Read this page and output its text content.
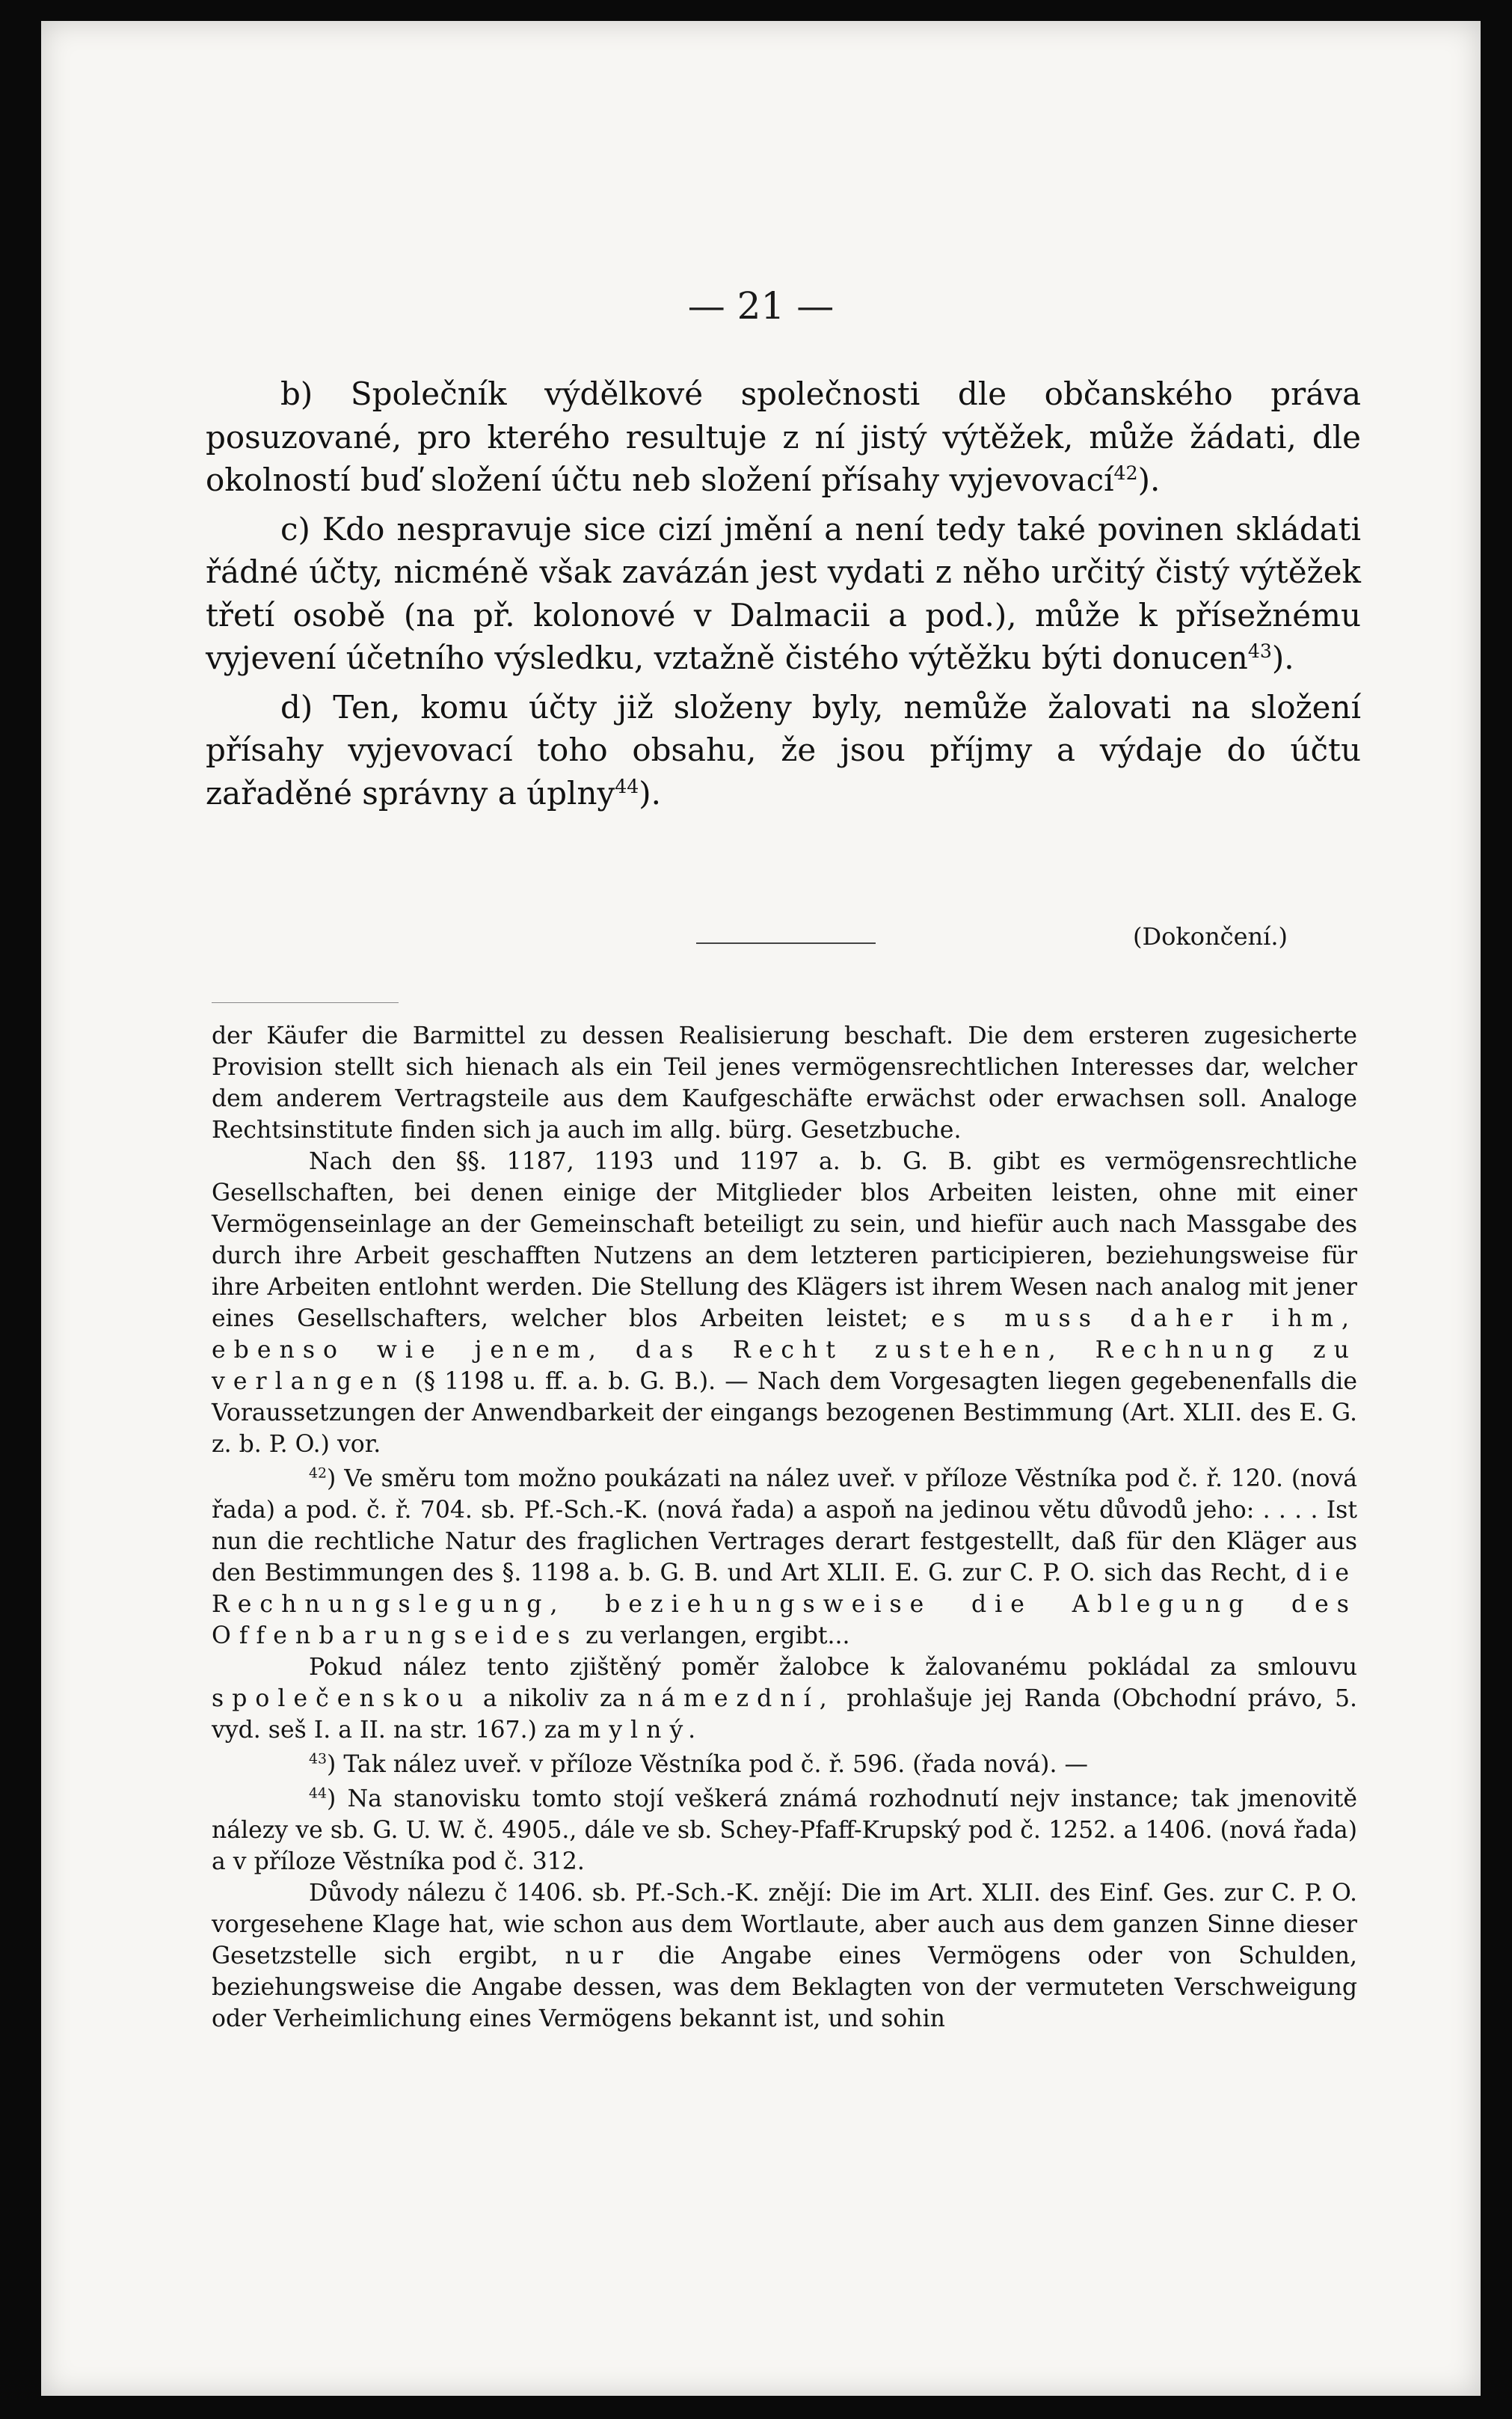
— 21 —

b) Společník výdělkové společnosti dle občanského práva posuzované, pro kterého resultuje z ní jistý výtěžek, může žádati, dle okolností buď složení účtu neb složení přísahy vyjevovací$^{42}$).

c) Kdo nespravuje sice cizí jmění a není tedy také povinen skládati řádné účty, nicméně však zavázán jest vydati z něho určitý čistý výtěžek třetí osobě (na př. kolonové v Dalmacii a pod.), může k přísežnému vyjevení účetního výsledku, vztažně čistého výtěžku býti donucen$^{43}$).

d) Ten, komu účty již složeny byly, nemůže žalovati na složení přísahy vyjevovací toho obsahu, že jsou příjmy a výdaje do účtu zařaděné správny a úplny$^{44}$).

(Dokončení.)

der Käufer die Barmittel zu dessen Realisierung beschaft. Die dem ersteren zugesicherte Provision stellt sich hienach als ein Teil jenes vermögensrechtlichen Interesses dar, welcher dem anderem Vertragsteile aus dem Kaufgeschäfte erwächst oder erwachsen soll. Analoge Rechtsinstitute finden sich ja auch im allg. bürg. Gesetzbuche.

Nach den §§. 1187, 1193 und 1197 a. b. G. B. gibt es vermögensrechtliche Gesellschaften, bei denen einige der Mitglieder blos Arbeiten leisten, ohne mit einer Vermögenseinlage an der Gemeinschaft beteiligt zu sein, und hiefür auch nach Massgabe des durch ihre Arbeit geschafften Nutzens an dem letzteren participieren, beziehungsweise für ihre Arbeiten entlohnt werden. Die Stellung des Klägers ist ihrem Wesen nach analog mit jener eines Gesellschafters, welcher blos Arbeiten leistet; es muss daher ihm, ebenso wie jenem, das Recht zustehen, Rechnung zu verlangen (§ 1198 u. ff. a. b. G. B.). — Nach dem Vorgesagten liegen gegebenenfalls die Voraussetzungen der Anwendbarkeit der eingangs bezogenen Bestimmung (Art. XLII. des E. G. z. b. P. O.) vor.

$^{42}$) Ve směru tom možno poukázati na nález uveř. v příloze Věstníka pod č. ř. 120. (nová řada) a pod. č. ř. 704. sb. Pf.-Sch.-K. (nová řada) a aspoň na jedinou větu důvodů jeho: . . . . Ist nun die rechtliche Natur des fraglichen Vertrages derart festgestellt, daß für den Kläger aus den Bestimmungen des §. 1198 a. b. G. B. und Art XLII. E. G. zur C. P. O. sich das Recht, die Rechnungslegung, beziehungsweise die Ablegung des Offenbarungseides zu verlangen, ergibt...

Pokud nález tento zjištěný poměr žalobce k žalovanému pokládal za smlouvu společenskou a nikoliv za námezdní, prohlašuje jej Randa (Obchodní právo, 5. vyd. seš I. a II. na str. 167.) za mylný.

$^{43}$) Tak nález uveř. v příloze Věstníka pod č. ř. 596. (řada nová). —

$^{44}$) Na stanovisku tomto stojí veškerá známá rozhodnutí nejv instance; tak jmenovitě nálezy ve sb. G. U. W. č. 4905., dále ve sb. Schey-Pfaff-Krupský pod č. 1252. a 1406. (nová řada) a v příloze Věstníka pod č. 312.

Důvody nálezu č 1406. sb. Pf.-Sch.-K. znějí: Die im Art. XLII. des Einf. Ges. zur C. P. O. vorgesehene Klage hat, wie schon aus dem Wortlaute, aber auch aus dem ganzen Sinne dieser Gesetzstelle sich ergibt, nur die Angabe eines Vermögens oder von Schulden, beziehungsweise die Angabe dessen, was dem Beklagten von der vermuteten Verschweigung oder Verheimlichung eines Vermögens bekannt ist, und sohin
